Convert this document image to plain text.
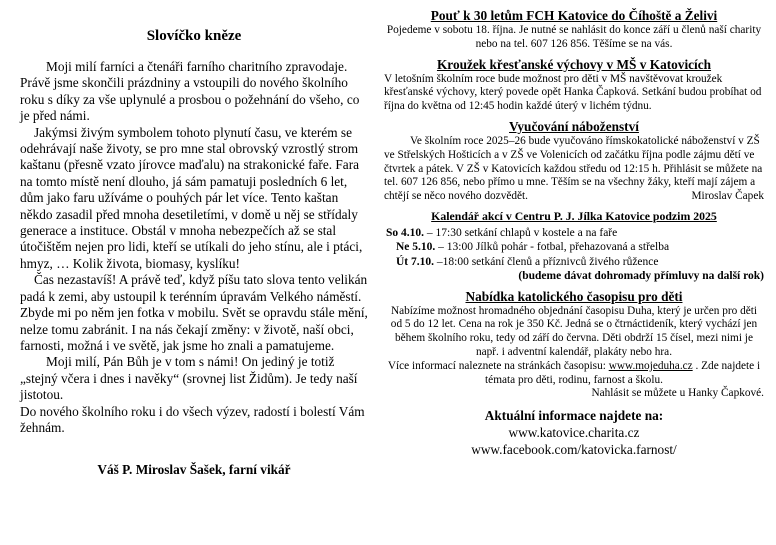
Slovíčko kněze

Moji milí farníci a čtenáři farního charitního zpravodaje. Právě jsme skončili prázdniny a vstoupili do nového školního roku s díky za vše uplynulé a prosbou o požehnání do všeho, co je před námi.

Jakýmsi živým symbolem tohoto plynutí času, ve kterém se odehrávají naše životy, se pro mne stal obrovský vzrostlý strom kaštanu (přesně vzato jírovce maďalu) na strakonické faře. Fara na tomto místě není dlouho, já sám pamatuji posledních 6 let, dům jako faru užíváme o pouhých pár let více. Tento kaštan někdo zasadil před mnoha desetiletími, v domě u něj se střídaly generace a instituce. Obstál v mnoha nebezpečích až se stal útočištěm nejen pro lidi, kteří se utíkali do jeho stínu, ale i ptáci, hmyz, … Kolik života, biomasy, kyslíku!

Čas nezastavíš! A právě teď, když píšu tato slova tento velikán padá k zemi, aby ustoupil k terénním úpravám Velkého náměstí. Zbyde mi po něm jen fotka v mobilu. Svět se opravdu stále mění, nelze tomu zabránit. I na nás čekají změny: v životě, naší obci, farnosti, možná i ve světě, jak jsme ho znali a pamatujeme.

Moji milí, Pán Bůh je v tom s námi! On jediný je totiž „stejný včera i dnes i navěky“ (srovnej list Židům). Je tedy naší jistotou.

Do nového školního roku i do všech výzev, radostí i bolestí Vám žehnám.

Váš P. Miroslav Šašek, farní vikář

Pouť k 30 letům FCH Katovice do Číhoště a Želivi

Pojedeme v sobotu 18. října. Je nutné se nahlásit do konce září u členů naší charity nebo na tel. 607 126 856. Těšíme se na vás.

Kroužek křesťanské výchovy v MŠ v Katovicích

V letošním školním roce bude možnost pro děti v MŠ navštěvovat kroužek křesťanské výchovy, který povede opět Hanka Čapková. Setkání budou probíhat od října do května od 12:45 hodin každé úterý v lichém týdnu.

Vyučování náboženství

Ve školním roce 2025–26 bude vyučováno římskokatolické náboženství v ZŠ ve Střelských Hošticích a v ZŠ ve Volenicích od začátku října podle zájmu dětí ve čtvrtek a pátek. V ZŠ v Katovicích každou středu od 12:15 h. Přihlásit se můžete na tel. 607 126 856, nebo přímo u mne. Těším se na všechny žáky, kteří mají zájem a chtějí se něco nového dozvědět.	Miroslav Čapek

Kalendář akcí v Centru P. J. Jílka Katovice podzim 2025

So 4.10. – 17:30 setkání chlapů v kostele a na faře

Ne 5.10. – 13:00 Jílků pohár - fotbal, přehazovaná a střelba

Út 7.10. –18:00 setkání členů a příznivců živého růžence

(budeme dávat dohromady přímluvy na další rok)

Nabídka katolického časopisu pro děti

Nabízíme možnost hromadného objednání časopisu Duha, který je určen pro děti od 5 do 12 let. Cena na rok je 350 Kč. Jedná se o čtrnáctideník, který vychází jen během školního roku, tedy od září do června. Děti obdrží 15 čísel, mezi nimi je např. i adventní kalendář, plakáty nebo hra.

Více informací naleznete na stránkách časopisu: www.mojeduha.cz . Zde najdete i témata pro děti, rodinu, farnost a školu.

Nahlásit se můžete u Hanky Čapkové.

Aktuální informace najdete na:
www.katovice.charita.cz
www.facebook.com/katovicka.farnost/
